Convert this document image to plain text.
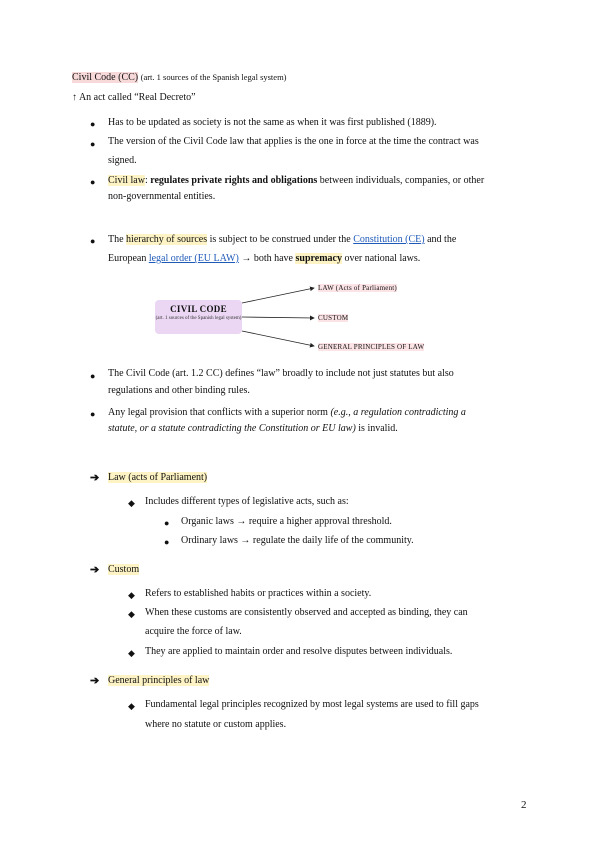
Civil Code (CC) (art. 1 sources of the Spanish legal system)
↑ An act called “Real Decreto”
● Has to be updated as society is not the same as when it was first published (1889).
● The version of the Civil Code law that applies is the one in force at the time the contract was
signed.
● Civil law: regulates private rights and obligations between individuals, companies, or other
non-governmental entities.
● The hierarchy of sources is subject to be construed under the Constitution (CE) and the
European legal order (EU LAW) → both have supremacy over national laws.
CIVIL CODE
(art. 1 sources of the Spanish legal system)
LAW (Acts of Parliament)
CUSTOM
GENERAL PRINCIPLES OF LAW
● The Civil Code (art. 1.2 CC) defines “law” broadly to include not just statutes but also
regulations and other binding rules.
● Any legal provision that conflicts with a superior norm (e.g., a regulation contradicting a
statute, or a statute contradicting the Constitution or EU law) is invalid.
➔ Law (acts of Parliament)
◆ Includes different types of legislative acts, such as:
● Organic laws → require a higher approval threshold.
● Ordinary laws → regulate the daily life of the community.
➔ Custom
◆ Refers to established habits or practices within a society.
◆ When these customs are consistently observed and accepted as binding, they can
acquire the force of law.
◆ They are applied to maintain order and resolve disputes between individuals.
➔ General principles of law
◆ Fundamental legal principles recognized by most legal systems are used to fill gaps
where no statute or custom applies.
2
